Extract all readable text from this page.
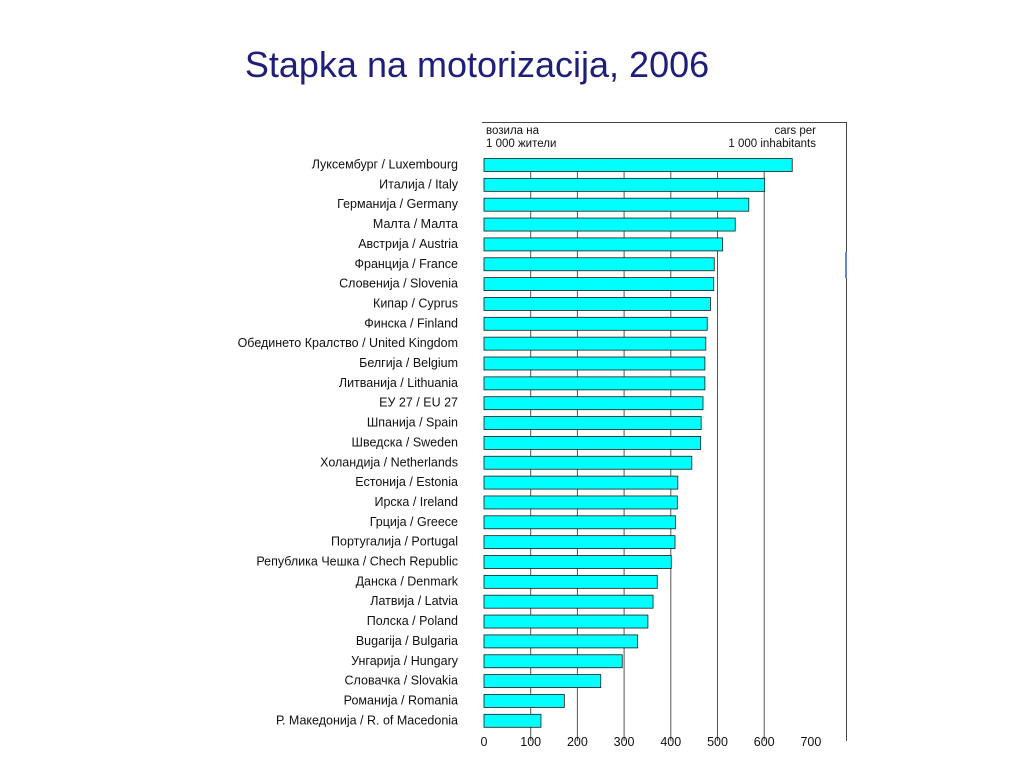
Stapka na motorizacija, 2006
возила на
1 000 жители
cars per
1 000 inhabitants
Луксембург / Luxembourg
Италија / Italy
Германија / Germany
Малта / Малта
Австрија / Austria
Франција / France
Словенија / Slovenia
Кипар / Cyprus
Финска / Finland
Обединето Кралство / United Kingdom
Белгија / Belgium
Литванија / Lithuania
ЕУ 27 / EU 27
Шпанија / Spain
Шведска / Sweden
Холандија / Netherlands
Естонија / Estonia
Ирска / Ireland
Грција / Greece
Португалија / Portugal
Република Чешка / Chech Republic
Данска / Denmark
Латвија / Latvia
Полска / Poland
Bugarija / Bulgaria
Унгарија / Hungary
Словачка / Slovakia
Романија / Romania
Р. Македонија / R. of Macedonia
0	100 200 300 400 500 600 700
